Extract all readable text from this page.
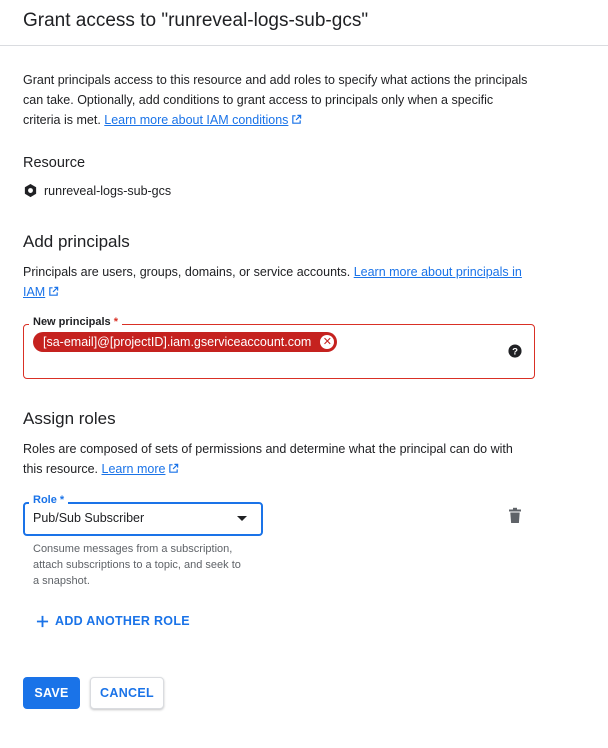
Grant access to "runreveal-logs-sub-gcs"
Grant principals access to this resource and add roles to specify what actions the principals can take. Optionally, add conditions to grant access to principals only when a specific criteria is met. Learn more about IAM conditions
Resource
runreveal-logs-sub-gcs
Add principals
Principals are users, groups, domains, or service accounts. Learn more about principals in IAM
New principals *
[sa-email]@[projectID].iam.gserviceaccount.com ✕
?
Assign roles
Roles are composed of sets of permissions and determine what the principal can do with this resource. Learn more
Role *
Pub/Sub Subscriber
Consume messages from a subscription, attach subscriptions to a topic, and seek to a snapshot.
ADD ANOTHER ROLE
SAVE	CANCEL
